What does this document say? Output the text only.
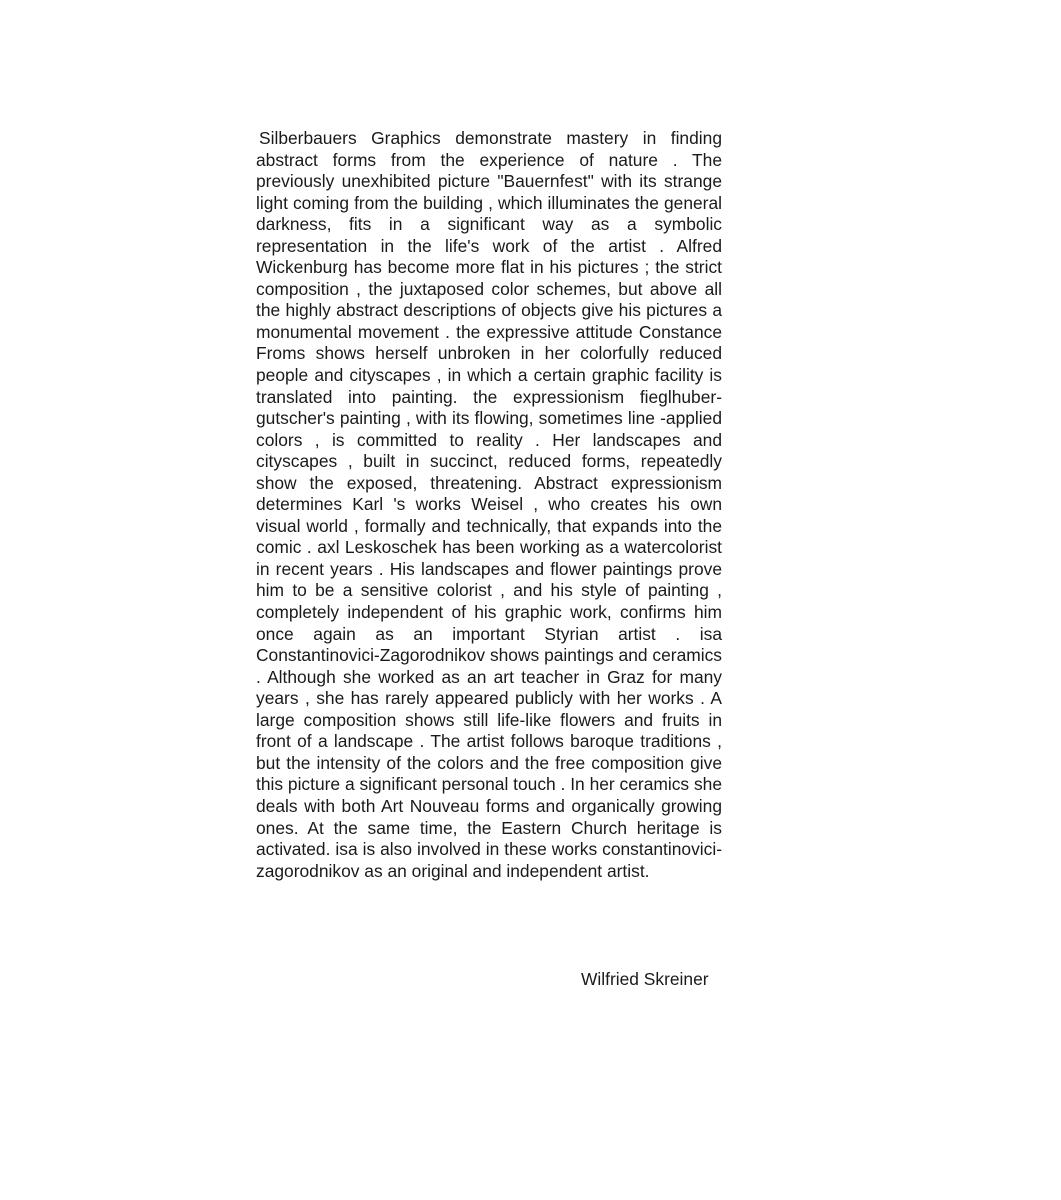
Silberbauers Graphics demonstrate mastery in finding abstract forms from the experience of nature . The previously unexhibited picture "Bauernfest" with its strange light coming from the building , which illuminates the general darkness, fits in a significant way as a symbolic representation in the life's work of the artist . Alfred Wickenburg has become more flat in his pictures ; the strict composition , the juxtaposed color schemes, but above all the highly abstract descriptions of objects give his pictures a monumental movement . the expressive attitude Constance Froms shows herself unbroken in her colorfully reduced people and cityscapes , in which a certain graphic facility is translated into painting. the expressionism fieglhuber-gutscher's painting , with its flowing, sometimes line -applied colors , is committed to reality . Her landscapes and cityscapes , built in succinct, reduced forms, repeatedly show the exposed, threatening. Abstract expressionism determines Karl 's works Weisel , who creates his own visual world , formally and technically, that expands into the comic . axl Leskoschek has been working as a watercolorist in recent years . His landscapes and flower paintings prove him to be a sensitive colorist , and his style of painting , completely independent of his graphic work, confirms him once again as an important Styrian artist . isa Constantinovici-Zagorodnikov shows paintings and ceramics . Although she worked as an art teacher in Graz for many years , she has rarely appeared publicly with her works . A large composition shows still life-like flowers and fruits in front of a landscape . The artist follows baroque traditions , but the intensity of the colors and the free composition give this picture a significant personal touch . In her ceramics she deals with both Art Nouveau forms and organically growing ones. At the same time, the Eastern Church heritage is activated. isa is also involved in these works constantinovici-zagorodnikov as an original and independent artist.

Wilfried Skreiner
